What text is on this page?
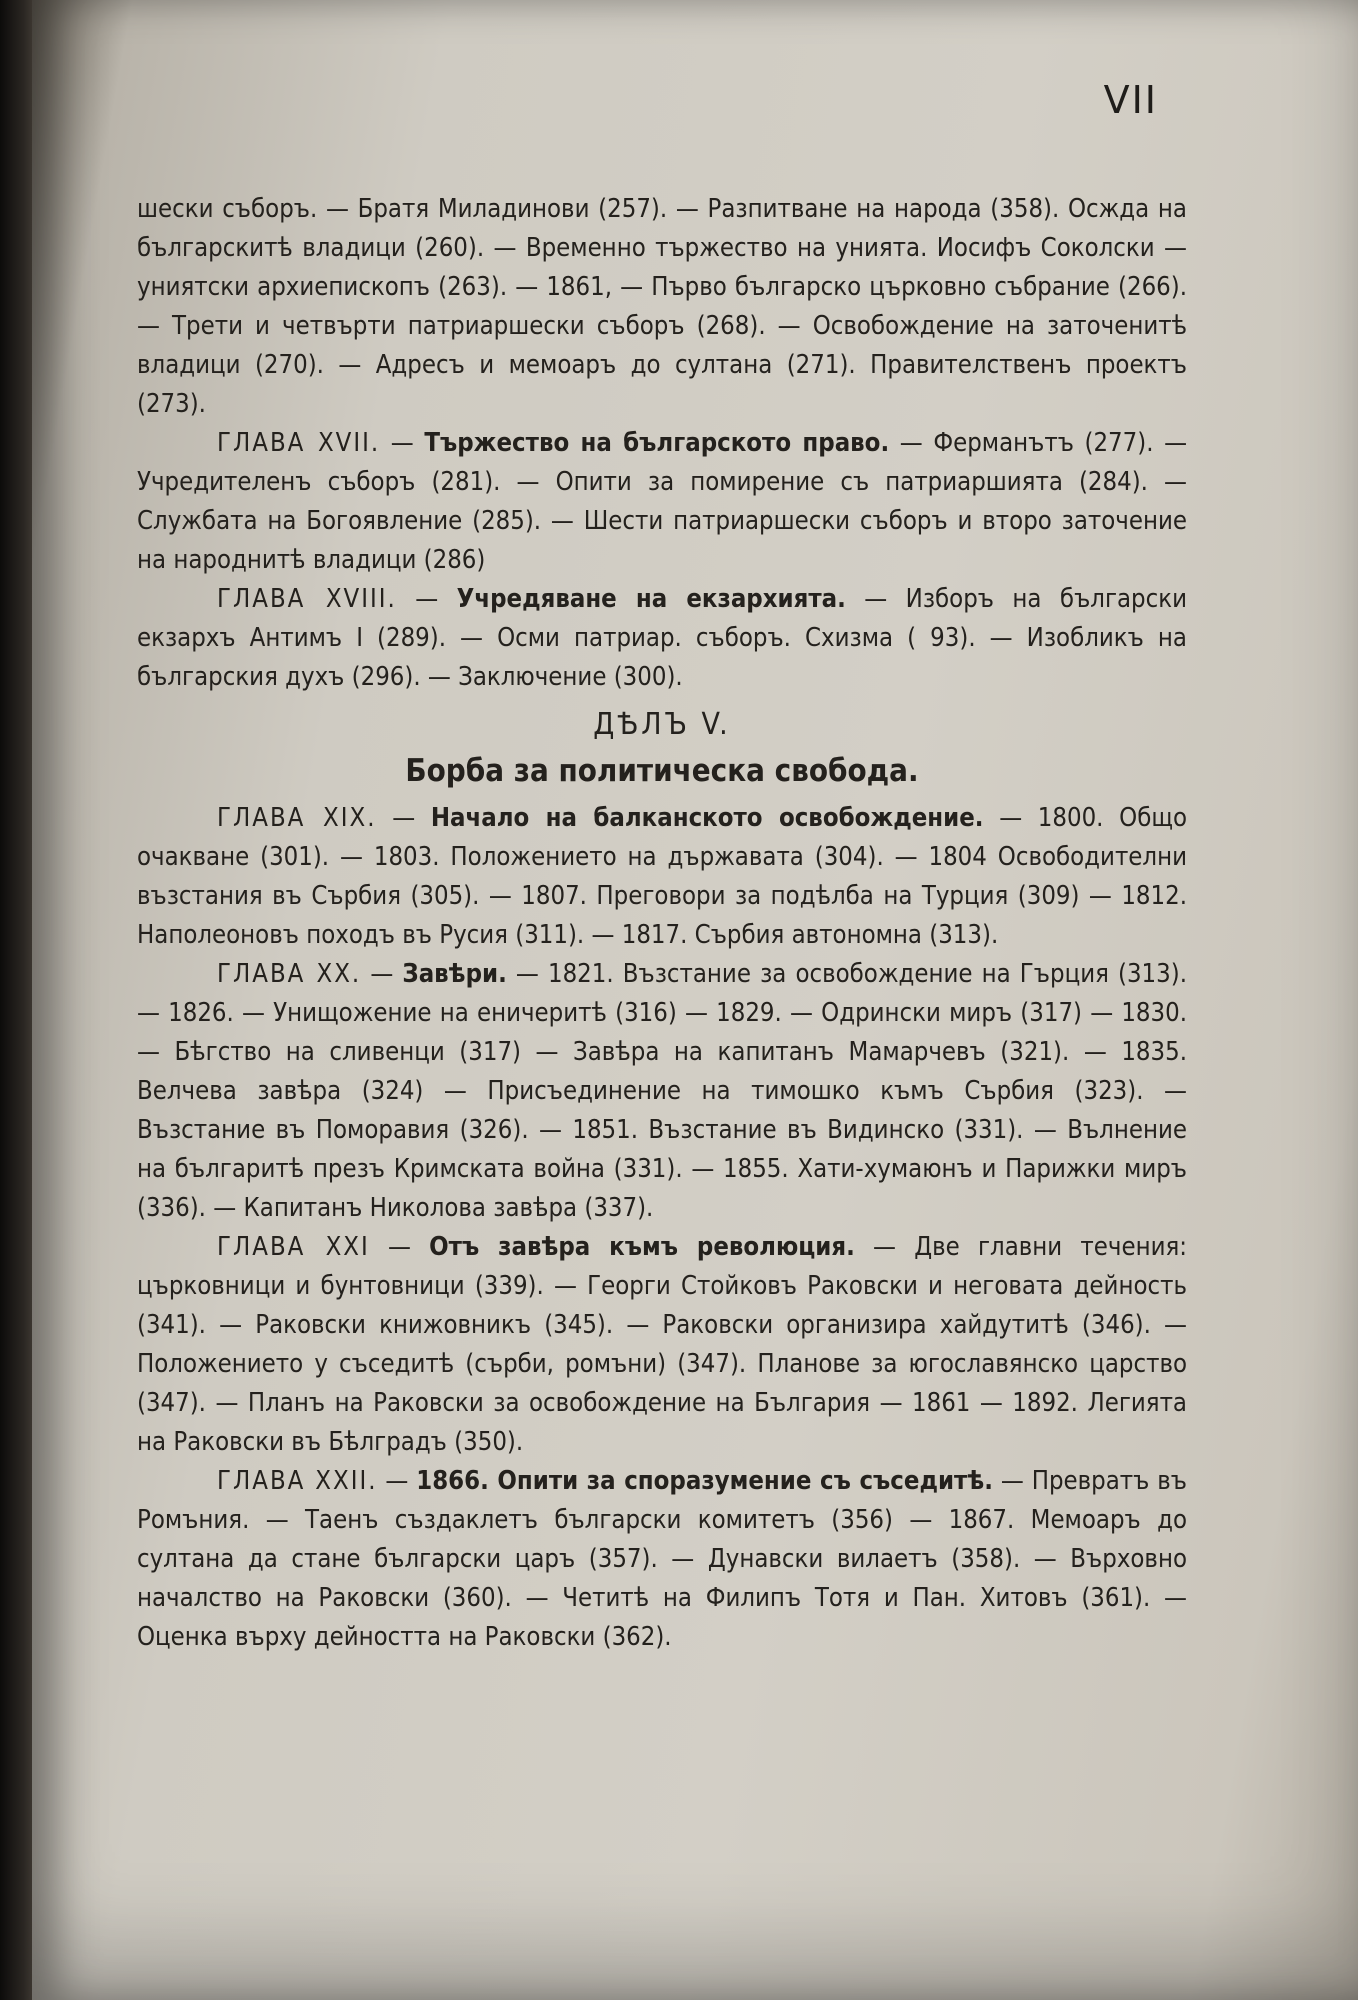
VII

шески съборъ. — Братя Миладинови (257). — Разпитване на народа (358). Осжда на българскитѣ владици (260). — Временно тържество на унията. Иосифъ Соколски — униятски архиепископъ (263). — 1861, — Първо българско църковно събрание (266). — Трети и четвърти патриаршески съборъ (268). — Освобождение на заточенитѣ владици (270). — Адресъ и мемоаръ до султана (271). Правителственъ проектъ (273).

ГЛАВА XVII. — Тържество на българското право. — Ферманътъ (277). — Учредителенъ съборъ (281). — Опити за помирение съ патриаршията (284). — Службата на Богоявление (285). — Шести патриаршески съборъ и второ заточение на народнитѣ владици (286)

ГЛАВА XVIII. — Учредяване на екзархията. — Изборъ на български екзархъ Антимъ I (289). — Осми патриар. съборъ. Схизма ( 93). — Изобликъ на българския духъ (296). — Заключение (300).

ДѢЛЪ V.
Борба за политическа свобода.

ГЛАВА XIX. — Начало на балканското освобождение. — 1800. Общо очакване (301). — 1803. Положението на държавата (304). — 1804 Освободителни възстания въ Сърбия (305). — 1807. Преговори за подѣлба на Турция (309) — 1812. Наполеоновъ походъ въ Русия (311). — 1817. Сърбия автономна (313).

ГЛАВА XX. — Завѣри. — 1821. Възстание за освобождение на Гърция (313). — 1826. — Унищожение на еничеритѣ (316) — 1829. — Одрински миръ (317) — 1830. — Бѣгство на сливенци (317) — Завѣра на капитанъ Мамарчевъ (321). — 1835. Велчева завѣра (324) — Присъединение на тимошко къмъ Сърбия (323). — Възстание въ Поморавия (326). — 1851. Възстание въ Видинско (331). — Вълнение на българитѣ презъ Кримската война (331). — 1855. Хати-хумаюнъ и Парижки миръ (336). — Капитанъ Николова завѣра (337).

ГЛАВА XXI — Отъ завѣра къмъ революция. — Две главни течения: църковници и бунтовници (339). — Георги Стойковъ Раковски и неговата дейность (341). — Раковски книжовникъ (345). — Раковски организира хайдутитѣ (346). — Положението у съседитѣ (сърби, ромъни) (347). Планове за югославянско царство (347). — Планъ на Раковски за освобождение на България — 1861 — 1892. Легията на Раковски въ Бѣлградъ (350).

ГЛАВА XXII. — 1866. Опити за споразумение съ съседитѣ. — Превратъ въ Ромъния. — Таенъ създаклетъ български комитетъ (356) — 1867. Мемоаръ до султана да стане български царъ (357). — Дунавски вилаетъ (358). — Върховно началство на Раковски (360). — Четитѣ на Филипъ Тотя и Пан. Хитовъ (361). — Оценка върху дейността на Раковски (362).
